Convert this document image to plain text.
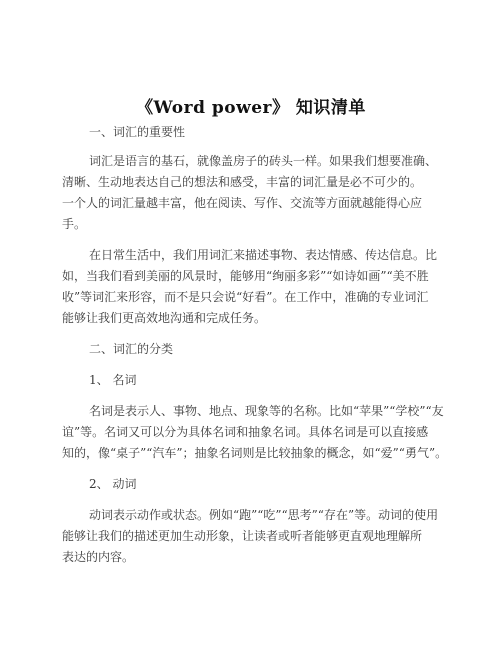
《Word power》 知识清单
一、词汇的重要性
词汇是语言的基石，就像盖房子的砖头一样。如果我们想要准确、
清晰、生动地表达自己的想法和感受，丰富的词汇量是必不可少的。
一个人的词汇量越丰富，他在阅读、写作、交流等方面就越能得心应
手。
在日常生活中，我们用词汇来描述事物、表达情感、传达信息。比
如，当我们看到美丽的风景时，能够用“绚丽多彩”“如诗如画”“美不胜
收”等词汇来形容，而不是只会说“好看”。在工作中，准确的专业词汇
能够让我们更高效地沟通和完成任务。
二、词汇的分类
1、 名词
名词是表示人、事物、地点、现象等的名称。比如“苹果”“学校”“友
谊”等。名词又可以分为具体名词和抽象名词。具体名词是可以直接感
知的，像“桌子”“汽车”；抽象名词则是比较抽象的概念，如“爱”“勇气”。
2、 动词
动词表示动作或状态。例如“跑”“吃”“思考”“存在”等。动词的使用
能够让我们的描述更加生动形象，让读者或听者能够更直观地理解所
表达的内容。
